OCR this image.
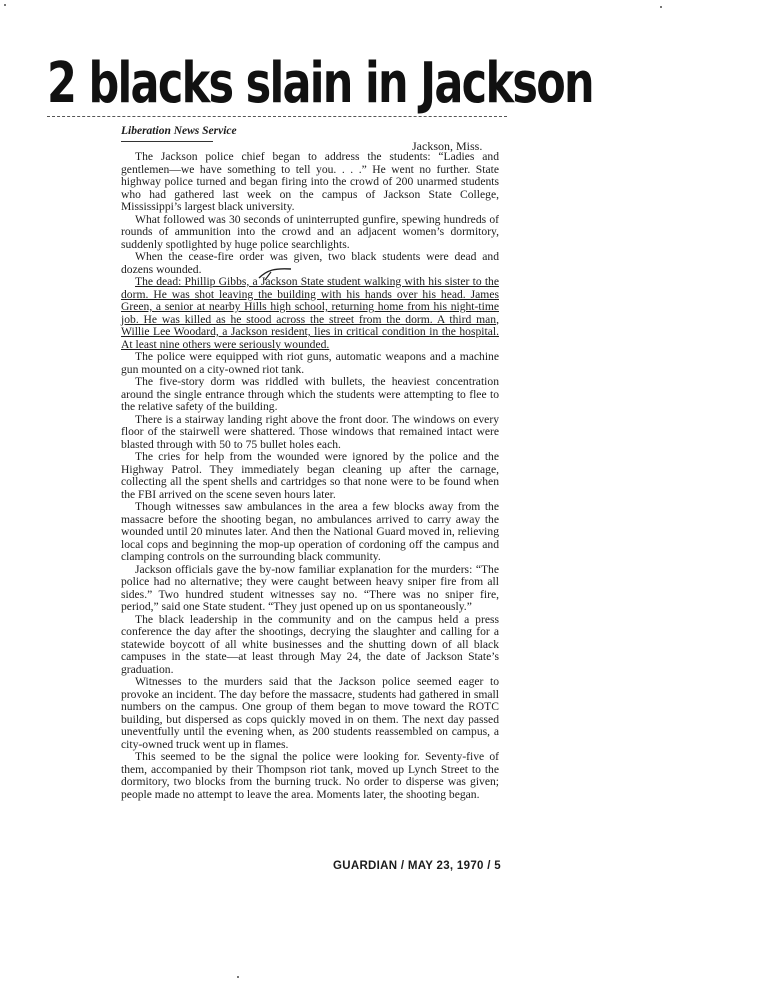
2 blacks slain in Jackson
Liberation News Service
Jackson, Miss.

The Jackson police chief began to address the students: “Ladies and gentlemen—we have something to tell you. . . .” He went no further. State highway police turned and began firing into the crowd of 200 unarmed students who had gathered last week on the campus of Jackson State College, Mississippi’s largest black university.

What followed was 30 seconds of uninterrupted gunfire, spewing hundreds of rounds of ammunition into the crowd and an adjacent women’s dormitory, suddenly spotlighted by huge police searchlights.

When the cease-fire order was given, two black students were dead and dozens wounded.

The dead: Phillip Gibbs, a Jackson State student walking with his sister to the dorm. He was shot leaving the building with his hands over his head. James Green, a senior at nearby Hills high school, returning home from his night-time job. He was killed as he stood across the street from the dorm. A third man, Willie Lee Woodard, a Jackson resident, lies in critical condition in the hospital. At least nine others were seriously wounded.

The police were equipped with riot guns, automatic weapons and a machine gun mounted on a city-owned riot tank.

The five-story dorm was riddled with bullets, the heaviest concentration around the single entrance through which the students were attempting to flee to the relative safety of the building.

There is a stairway landing right above the front door. The windows on every floor of the stairwell were shattered. Those windows that remained intact were blasted through with 50 to 75 bullet holes each.

The cries for help from the wounded were ignored by the police and the Highway Patrol. They immediately began cleaning up after the carnage, collecting all the spent shells and cartridges so that none were to be found when the FBI arrived on the scene seven hours later.

Though witnesses saw ambulances in the area a few blocks away from the massacre before the shooting began, no ambulances arrived to carry away the wounded until 20 minutes later. And then the National Guard moved in, relieving local cops and beginning the mop-up operation of cordoning off the campus and clamping controls on the surrounding black community.

Jackson officials gave the by-now familiar explanation for the murders: “The police had no alternative; they were caught between heavy sniper fire from all sides.” Two hundred student witnesses say no. “There was no sniper fire, period,” said one State student. “They just opened up on us spontaneously.”

The black leadership in the community and on the campus held a press conference the day after the shootings, decrying the slaughter and calling for a statewide boycott of all white businesses and the shutting down of all black campuses in the state—at least through May 24, the date of Jackson State’s graduation.

Witnesses to the murders said that the Jackson police seemed eager to provoke an incident. The day before the massacre, students had gathered in small numbers on the campus. One group of them began to move toward the ROTC building, but dispersed as cops quickly moved in on them. The next day passed uneventfully until the evening when, as 200 students reassembled on campus, a city-owned truck went up in flames.

This seemed to be the signal the police were looking for. Seventy-five of them, accompanied by their Thompson riot tank, moved up Lynch Street to the dormitory, two blocks from the burning truck. No order to disperse was given; people made no attempt to leave the area. Moments later, the shooting began.

GUARDIAN / MAY 23, 1970 / 5
